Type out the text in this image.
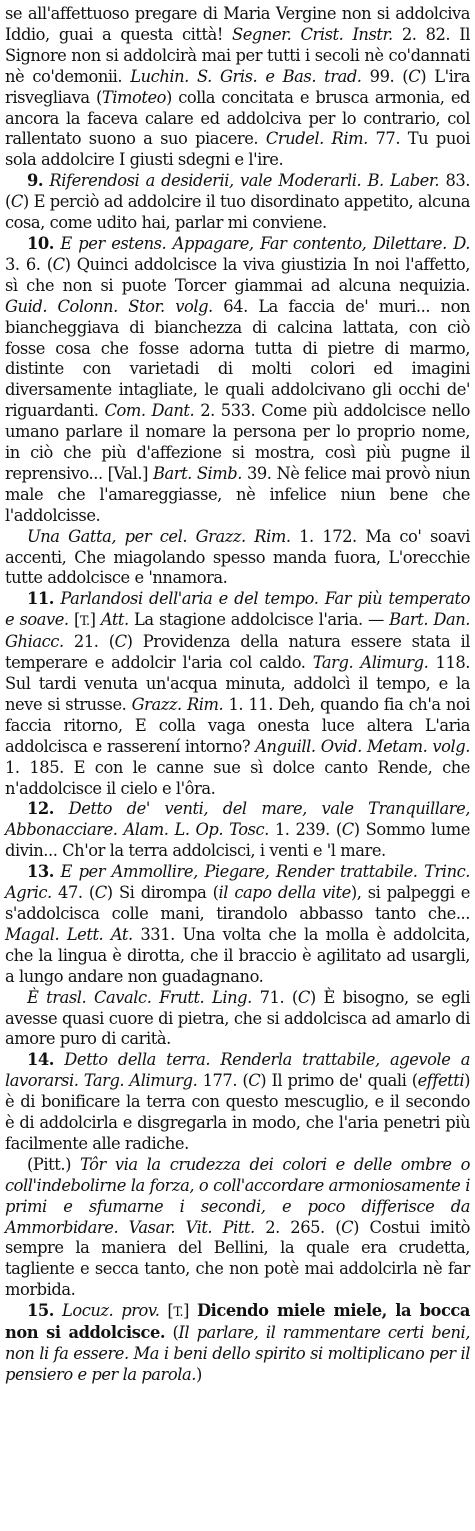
se all'affettuoso pregare di Maria Vergine non si addolciva Iddio, guai a questa città! Segner. Crist. Instr. 2. 82. Il Signore non si addolcirà mai per tutti i secoli nè co'dannati nè co'demonii. Luchin. S. Gris. e Bas. trad. 99. (C) L'ira risvegliava (Timoteo) colla concitata e brusca armonia, ed ancora la faceva calare ed addolciva per lo contrario, col rallentato suono a suo piacere. Crudel. Rim. 77. Tu puoi sola addolcire I giusti sdegni e l'ire.

9. Riferendosi a desiderii, vale Moderarli. B. Laber. 83. (C) E perciò ad addolcire il tuo disordinato appetito, alcuna cosa, come udito hai, parlar mi conviene.

10. E per estens. Appagare, Far contento, Dilettare. D. 3. 6. (C) Quinci addolcisce la viva giustizia In noi l'affetto, sì che non si puote Torcer giammai ad alcuna nequizia. Guid. Colonn. Stor. volg. 64. La faccia de' muri... non biancheggiava di bianchezza di calcina lattata, con ciò fosse cosa che fosse adorna tutta di pietre di marmo, distinte con varietadi di molti colori ed imagini diversamente intagliate, le quali addolcivano gli occhi de' riguardanti. Com. Dant. 2. 533. Come più addolcisce nello umano parlare il nomare la persona per lo proprio nome, in ciò che più d'affezione si mostra, così più pugne il reprensivo... [Val.] Bart. Simb. 39. Nè felice mai provò niun male che l'amareggiasse, nè infelice niun bene che l'addolcisse.

Una Gatta, per cel. Grazz. Rim. 1. 172. Ma co' soavi accenti, Che miagolando spesso manda fuora, L'orecchie tutte addolcisce e 'nnamora.

11. Parlandosi dell'aria e del tempo. Far più temperato e soave. [T.] Att. La stagione addolcisce l'aria. — Bart. Dan. Ghiacc. 21. (C) Providenza della natura essere stata il temperare e addolcir l'aria col caldo. Targ. Alimurg. 118. Sul tardi venuta un'acqua minuta, addolcì il tempo, e la neve si strusse. Grazz. Rim. 1. 11. Deh, quando fia ch'a noi faccia ritorno, E colla vaga onesta luce altera L'aria addolcisca e rasserení intorno? Anguill. Ovid. Metam. volg. 1. 185. E con le canne sue sì dolce canto Rende, che n'addolcisce il cielo e l'ôra.

12. Detto de' venti, del mare, vale Tranquillare, Abbonacciare. Alam. L. Op. Tosc. 1. 239. (C) Sommo lume divin... Ch'or la terra addolcisci, i venti e 'l mare.

13. E per Ammollire, Piegare, Render trattabile. Trinc. Agric. 47. (C) Si dirompa (il capo della vite), si palpeggi e s'addolcisca colle mani, tirandolo abbasso tanto che... Magal. Lett. At. 331. Una volta che la molla è addolcita, che la lingua è dirotta, che il braccio è agilitato ad usargli, a lungo andare non guadagnano.

È trasl. Cavalc. Frutt. Ling. 71. (C) È bisogno, se egli avesse quasi cuore di pietra, che si addolcisca ad amarlo di amore puro di carità.

14. Detto della terra. Renderla trattabile, agevole a lavorarsi. Targ. Alimurg. 177. (C) Il primo de' quali (effetti) è di bonificare la terra con questo mescuglio, e il secondo è di addolcirla e disgregarla in modo, che l'aria penetri più facilmente alle radiche.

(Pitt.) Tôr via la crudezza dei colori e delle ombre o coll'indebolirne la forza, o coll'accordare armoniosamente i primi e sfumarne i secondi, e poco differisce da Ammorbidare. Vasar. Vit. Pitt. 2. 265. (C) Costui imitò sempre la maniera del Bellini, la quale era crudetta, tagliente e secca tanto, che non potè mai addolcirla nè far morbida.

15. Locuz. prov. [T.] Dicendo miele miele, la bocca non si addolcisce. (Il parlare, il rammentare certi beni, non li fa essere. Ma i beni dello spirito si moltiplicano per il pensiero e per la parola.)
